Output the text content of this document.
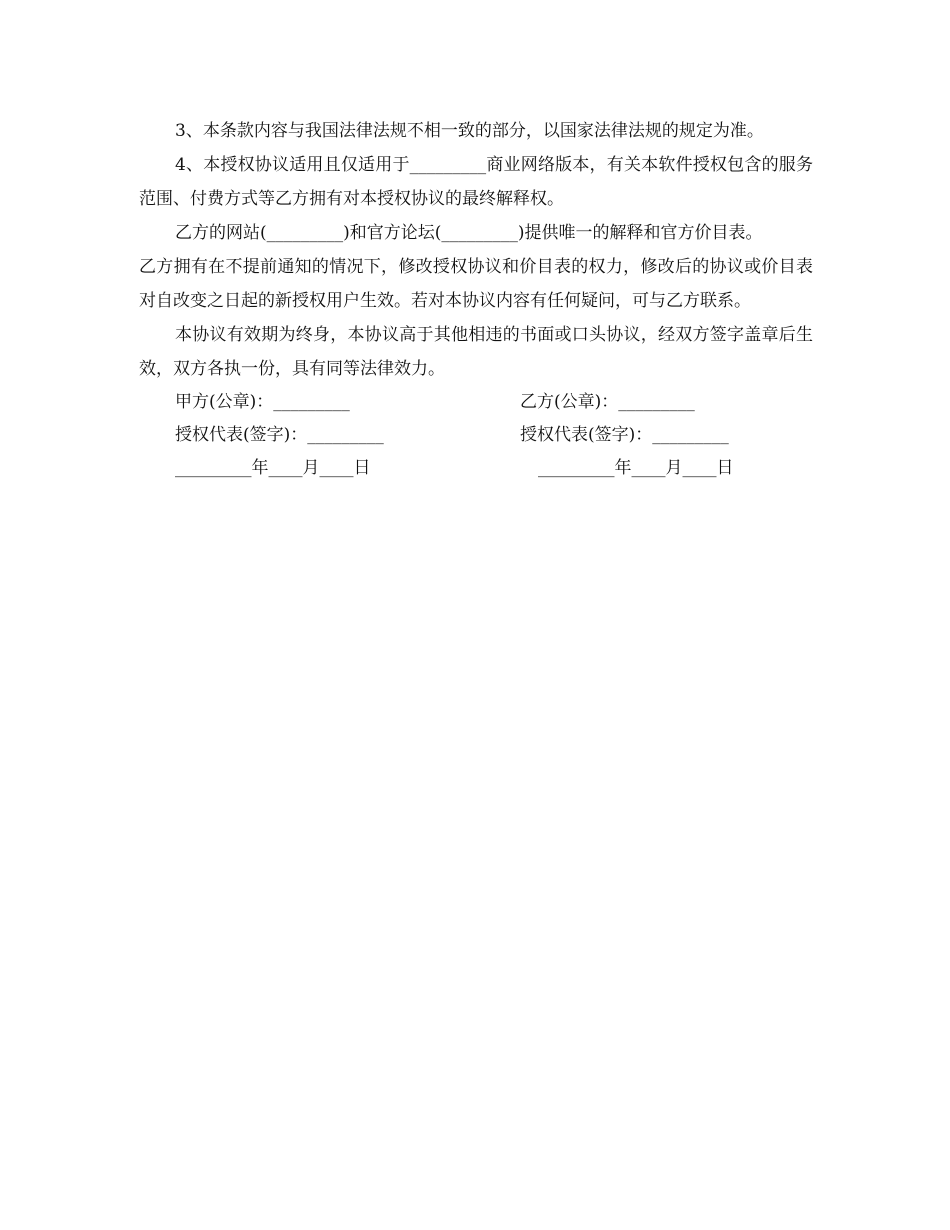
3、本条款内容与我国法律法规不相一致的部分，以国家法律法规的规定为准。

4、本授权协议适用且仅适用于_________商业网络版本，有关本软件授权包含的服务范围、付费方式等乙方拥有对本授权协议的最终解释权。

乙方的网站(_________)和官方论坛(_________)提供唯一的解释和官方价目表。

乙方拥有在不提前通知的情况下，修改授权协议和价目表的权力，修改后的协议或价目表对自改变之日起的新授权用户生效。若对本协议内容有任何疑问，可与乙方联系。

本协议有效期为终身，本协议高于其他相违的书面或口头协议，经双方签字盖章后生效，双方各执一份，具有同等法律效力。

甲方(公章)：_________	乙方(公章)：_________
授权代表(签字)：_________	授权代表(签字)：_________
_________年____月____日	_________年____月____日
